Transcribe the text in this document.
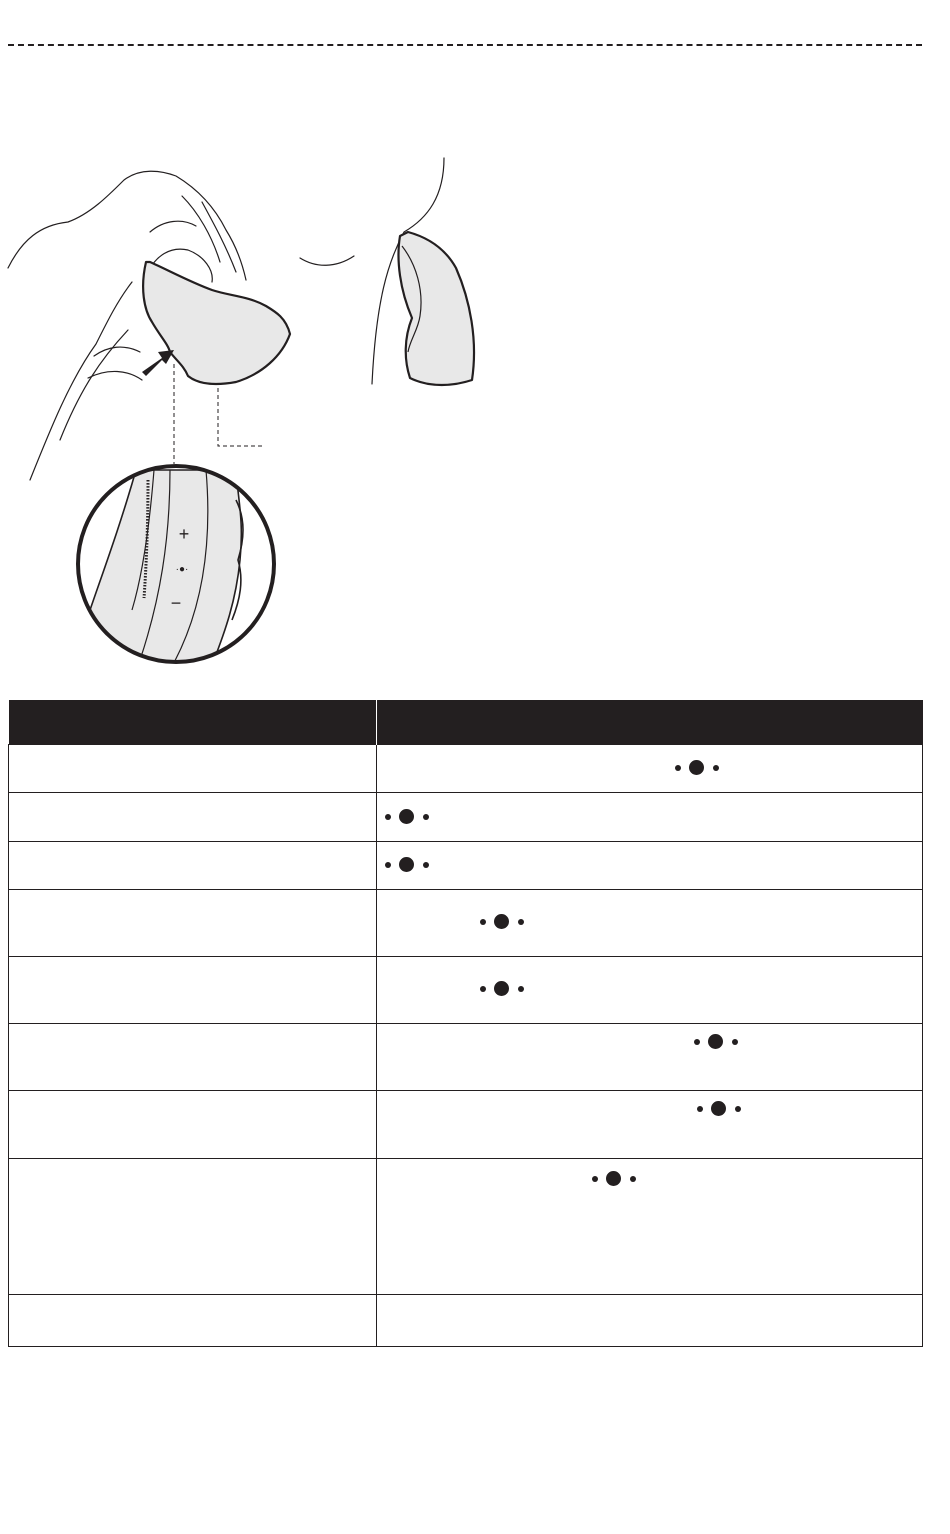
+
·●·
−
